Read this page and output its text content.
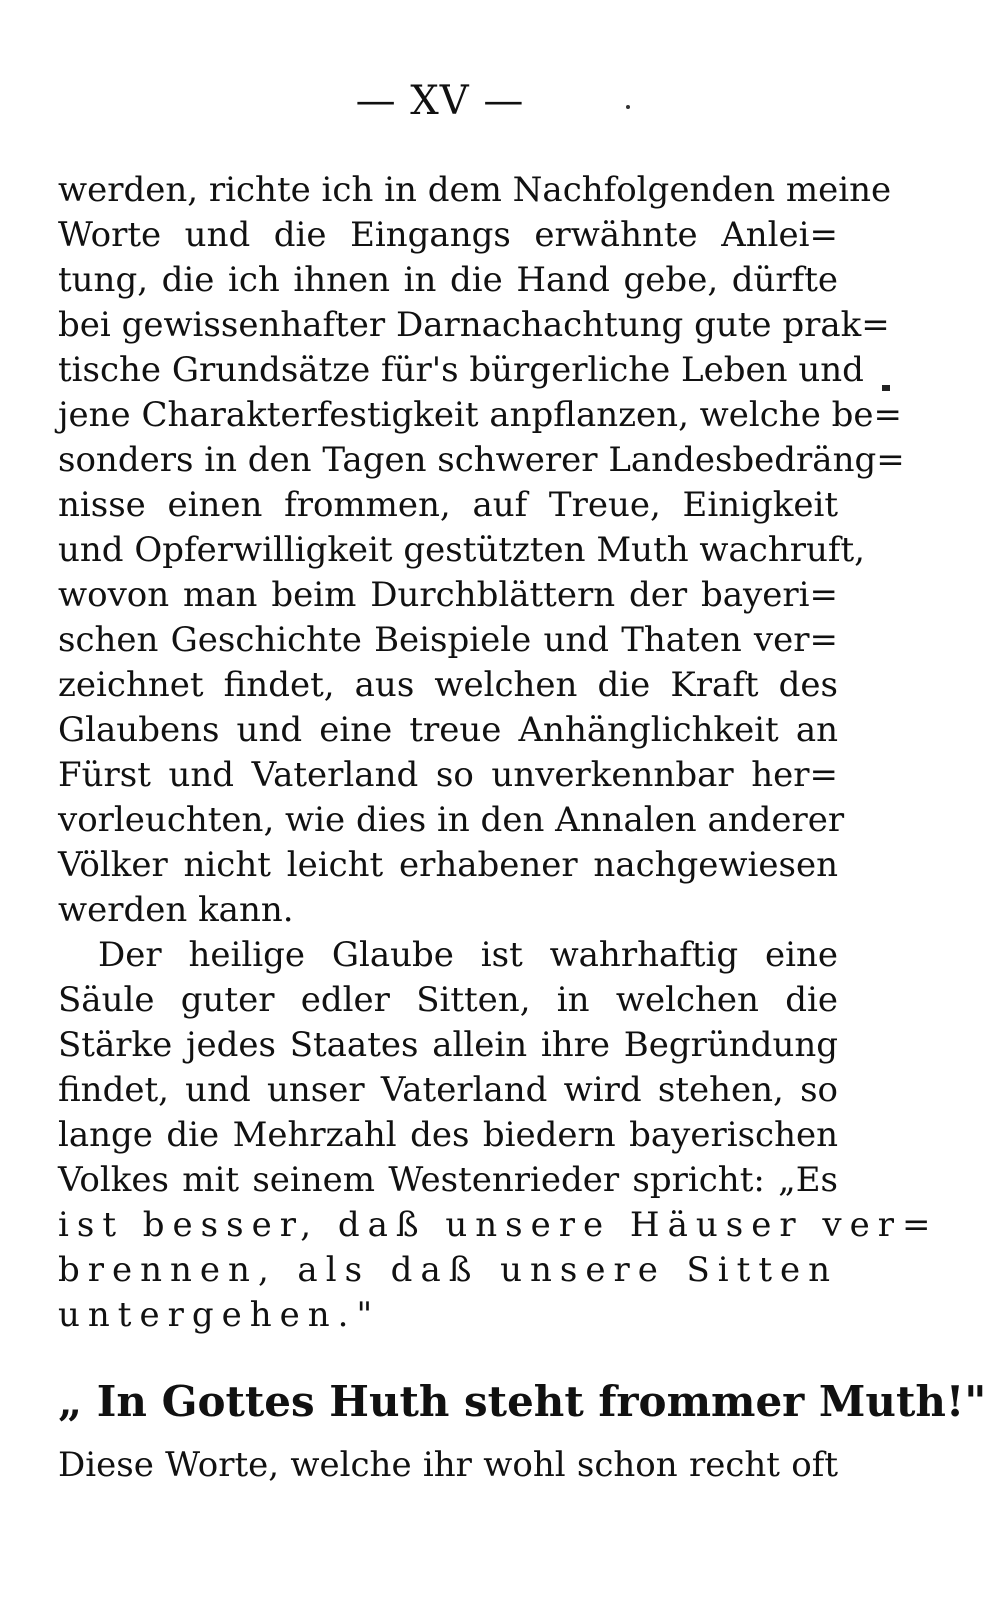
— XV —
werden, richte ich in dem Nachfolgenden meine
Worte und die Eingangs erwähnte Anlei=
tung, die ich ihnen in die Hand gebe, dürfte
bei gewissenhafter Darnachachtung gute prak=
tische Grundsätze für's bürgerliche Leben und
jene Charakterfestigkeit anpflanzen, welche be=
sonders in den Tagen schwerer Landesbedräng=
nisse einen frommen, auf Treue, Einigkeit
und Opferwilligkeit gestützten Muth wachruft,
wovon man beim Durchblättern der bayeri=
schen Geschichte Beispiele und Thaten ver=
zeichnet findet, aus welchen die Kraft des
Glaubens und eine treue Anhänglichkeit an
Fürst und Vaterland so unverkennbar her=
vorleuchten, wie dies in den Annalen anderer
Völker nicht leicht erhabener nachgewiesen
werden kann.
Der heilige Glaube ist wahrhaftig eine
Säule guter edler Sitten, in welchen die
Stärke jedes Staates allein ihre Begründung
findet, und unser Vaterland wird stehen, so
lange die Mehrzahl des biedern bayerischen
Volkes mit seinem Westenrieder spricht: „Es
ist besser, daß unsere Häuser ver=
brennen, als daß unsere Sitten
untergehen."
„ In Gottes Huth steht frommer Muth!"
Diese Worte, welche ihr wohl schon recht oft
